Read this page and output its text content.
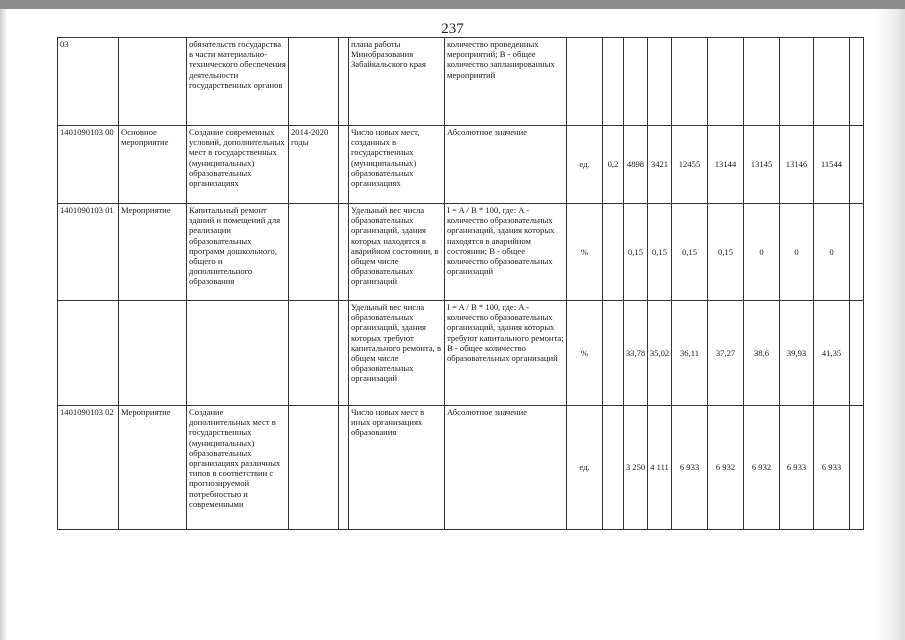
237
03		обязательств государства в части материально-технического обеспечения деятельности государственных органов			плана работы Минобразования Забайкальского края	количество проведенных мероприятий; В - общее количество запланированных мероприятий										
1401090103 00	Основное мероприятие	Создание современных условий, дополнительных мест в государственных (муниципальных) образовательных организациях	2014-2020 годы		Число новых мест, созданных в государственных (муниципальных) образовательных организациях	Абсолютное значение	ед.	0,2	4898	3421	12455	13144	13145	13146	11544	
1401090103 01	Мероприятие	Капитальный ремонт зданий и помещений для реализации образовательных программ дошкольного, общего и дополнительного образования			Удельный вес числа образовательных организаций, здания которых находятся в аварийном состоянии, в общем числе образовательных организаций	I = A / B * 100, где: A - количество образовательных организаций, здания которых находятся в аварийном состоянии; В - общее количество образовательных организаций	%		0,15	0,15	0,15	0,15	0	0	0	
					Удельный вес числа образовательных организаций, здания которых требуют капитального ремонта, в общем числе образовательных организаций	I = A / B * 100, где: A - количество образовательных организаций, здания которых требуют капитального ремонта; В - общее количество образовательных организаций	%		33,78	35,02	36,11	37,27	38,6	39,93	41,35	
1401090103 02	Мероприятие	Создание дополнительных мест в государственных (муниципальных) образовательных организациях различных типов в соответствии с прогнозируемой потребностью и современными			Число новых мест в иных организациях образования	Абсолютное значение	ед.		3 250	4 111	6 933	6 932	6 932	6 933	6 933	
